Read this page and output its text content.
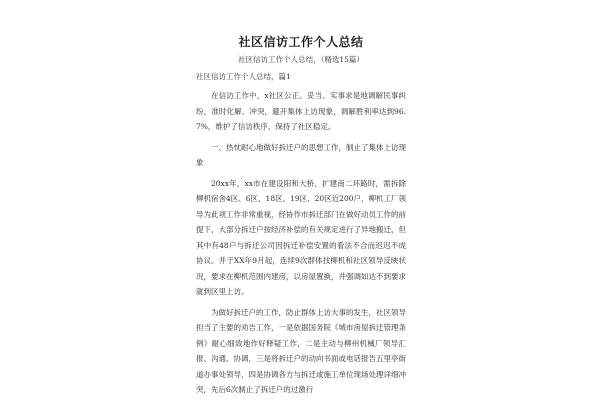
社区信访工作个人总结

社区信访工作个人总结，（精选15篇）

社区信访工作个人总结，篇1

在信访工作中，x社区公正、妥当、实事求是地调解民事纠纷，准时化解、冲突，避开集体上访现象，调解胜利率达到96.7%，维护了信访秩序，保持了社区稳定。

一、热忱耐心地做好拆迁户的思想工作，制止了集体上访现象

20xx年，xx市在建设阳和大桥、扩建南二环路时，需拆除柳机宿舍4区、6区、18区、19区、20区近200户，柳机工厂领导为此项工作非常重视，经协作市拆迁部门在做好动员工作的前提下，大部分拆迁户按经济补偿的有关规定进行了异地搬迁，但其中有48户与拆迁公司因拆迁补偿安置的看法不合而迟迟不成协议。并于XX年9月起，连续9次群体找柳机和社区领导反映状况，要求在柳机范围内建房，以房屋置换，并强调如达不到要求就到区里上访。

为做好拆迁户的工作，防止群体上访大事的发生，社区领导担当了主要的劝告工作，一是依据国务院《城市房屋拆迁管理条例》耐心细致地作好释疑工作，二是主动与柳州机械厂领导汇报、沟通、协调，三是将拆迁户的动向书面或电话报告五里亭街道办事处领导，四是协调各方与拆迁或施工单位现场处理详细冲突，先后6次制止了拆迁户的过激行
